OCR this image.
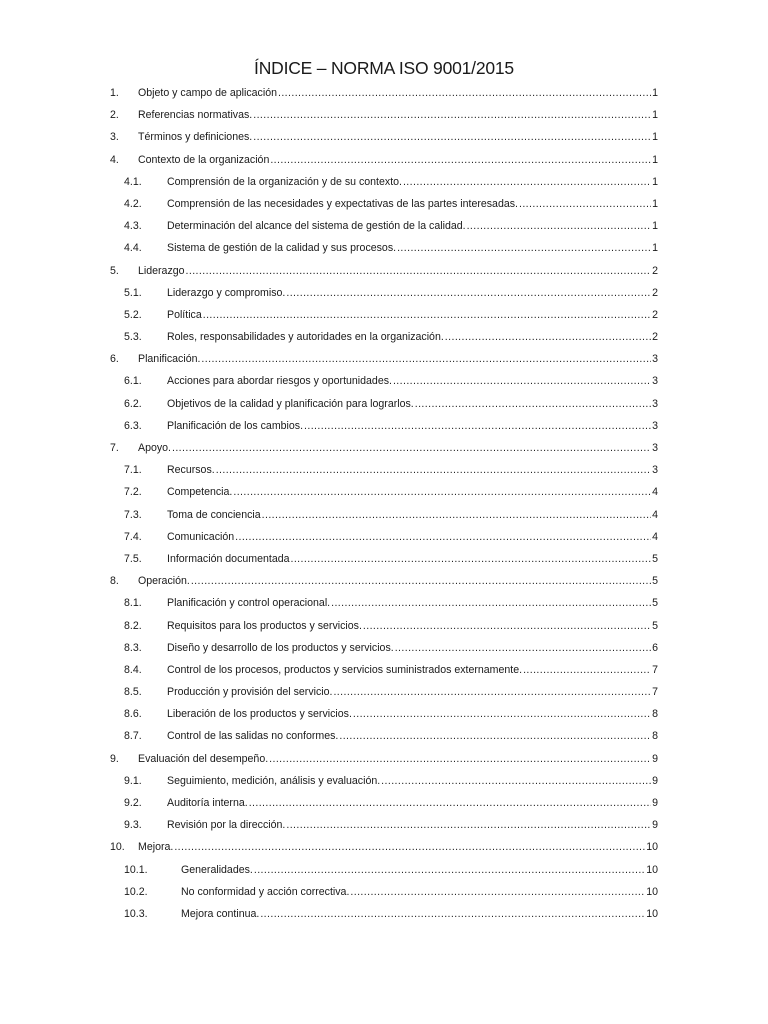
ÍNDICE – NORMA ISO 9001/2015
1. Objeto y campo de aplicación .....	1
2. Referencias normativas. .....	1
3. Términos y definiciones. .....	1
4. Contexto de la organización .....	1
4.1. Comprensión de la organización y de su contexto. .....	1
4.2. Comprensión de las necesidades y expectativas de las partes interesadas. .....	1
4.3. Determinación del alcance del sistema de gestión de la calidad. .....	1
4.4. Sistema de gestión de la calidad y sus procesos. .....	1
5. Liderazgo .....	2
5.1. Liderazgo y compromiso. .....	2
5.2. Política .....	2
5.3. Roles, responsabilidades y autoridades en la organización. .....	2
6. Planificación. .....	3
6.1. Acciones para abordar riesgos y oportunidades. .....	3
6.2. Objetivos de la calidad y planificación para lograrlos. .....	3
6.3. Planificación de los cambios. .....	3
7. Apoyo. .....	3
7.1. Recursos. .....	3
7.2. Competencia. .....	4
7.3. Toma de conciencia .....	4
7.4. Comunicación .....	4
7.5. Información documentada .....	5
8. Operación. .....	5
8.1. Planificación y control operacional. .....	5
8.2. Requisitos para los productos y servicios. .....	5
8.3. Diseño y desarrollo de los productos y servicios. .....	6
8.4. Control de los procesos, productos y servicios suministrados externamente. .....	7
8.5. Producción y provisión del servicio. .....	7
8.6. Liberación de los productos y servicios. .....	8
8.7. Control de las salidas no conformes. .....	8
9. Evaluación del desempeño. .....	9
9.1. Seguimiento, medición, análisis y evaluación. .....	9
9.2. Auditoría interna. .....	9
9.3. Revisión por la dirección. .....	9
10. Mejora. .....	10
10.1.	Generalidades. .....	10
10.2.	No conformidad y acción correctiva. .....	10
10.3.	Mejora continua. .....	10
